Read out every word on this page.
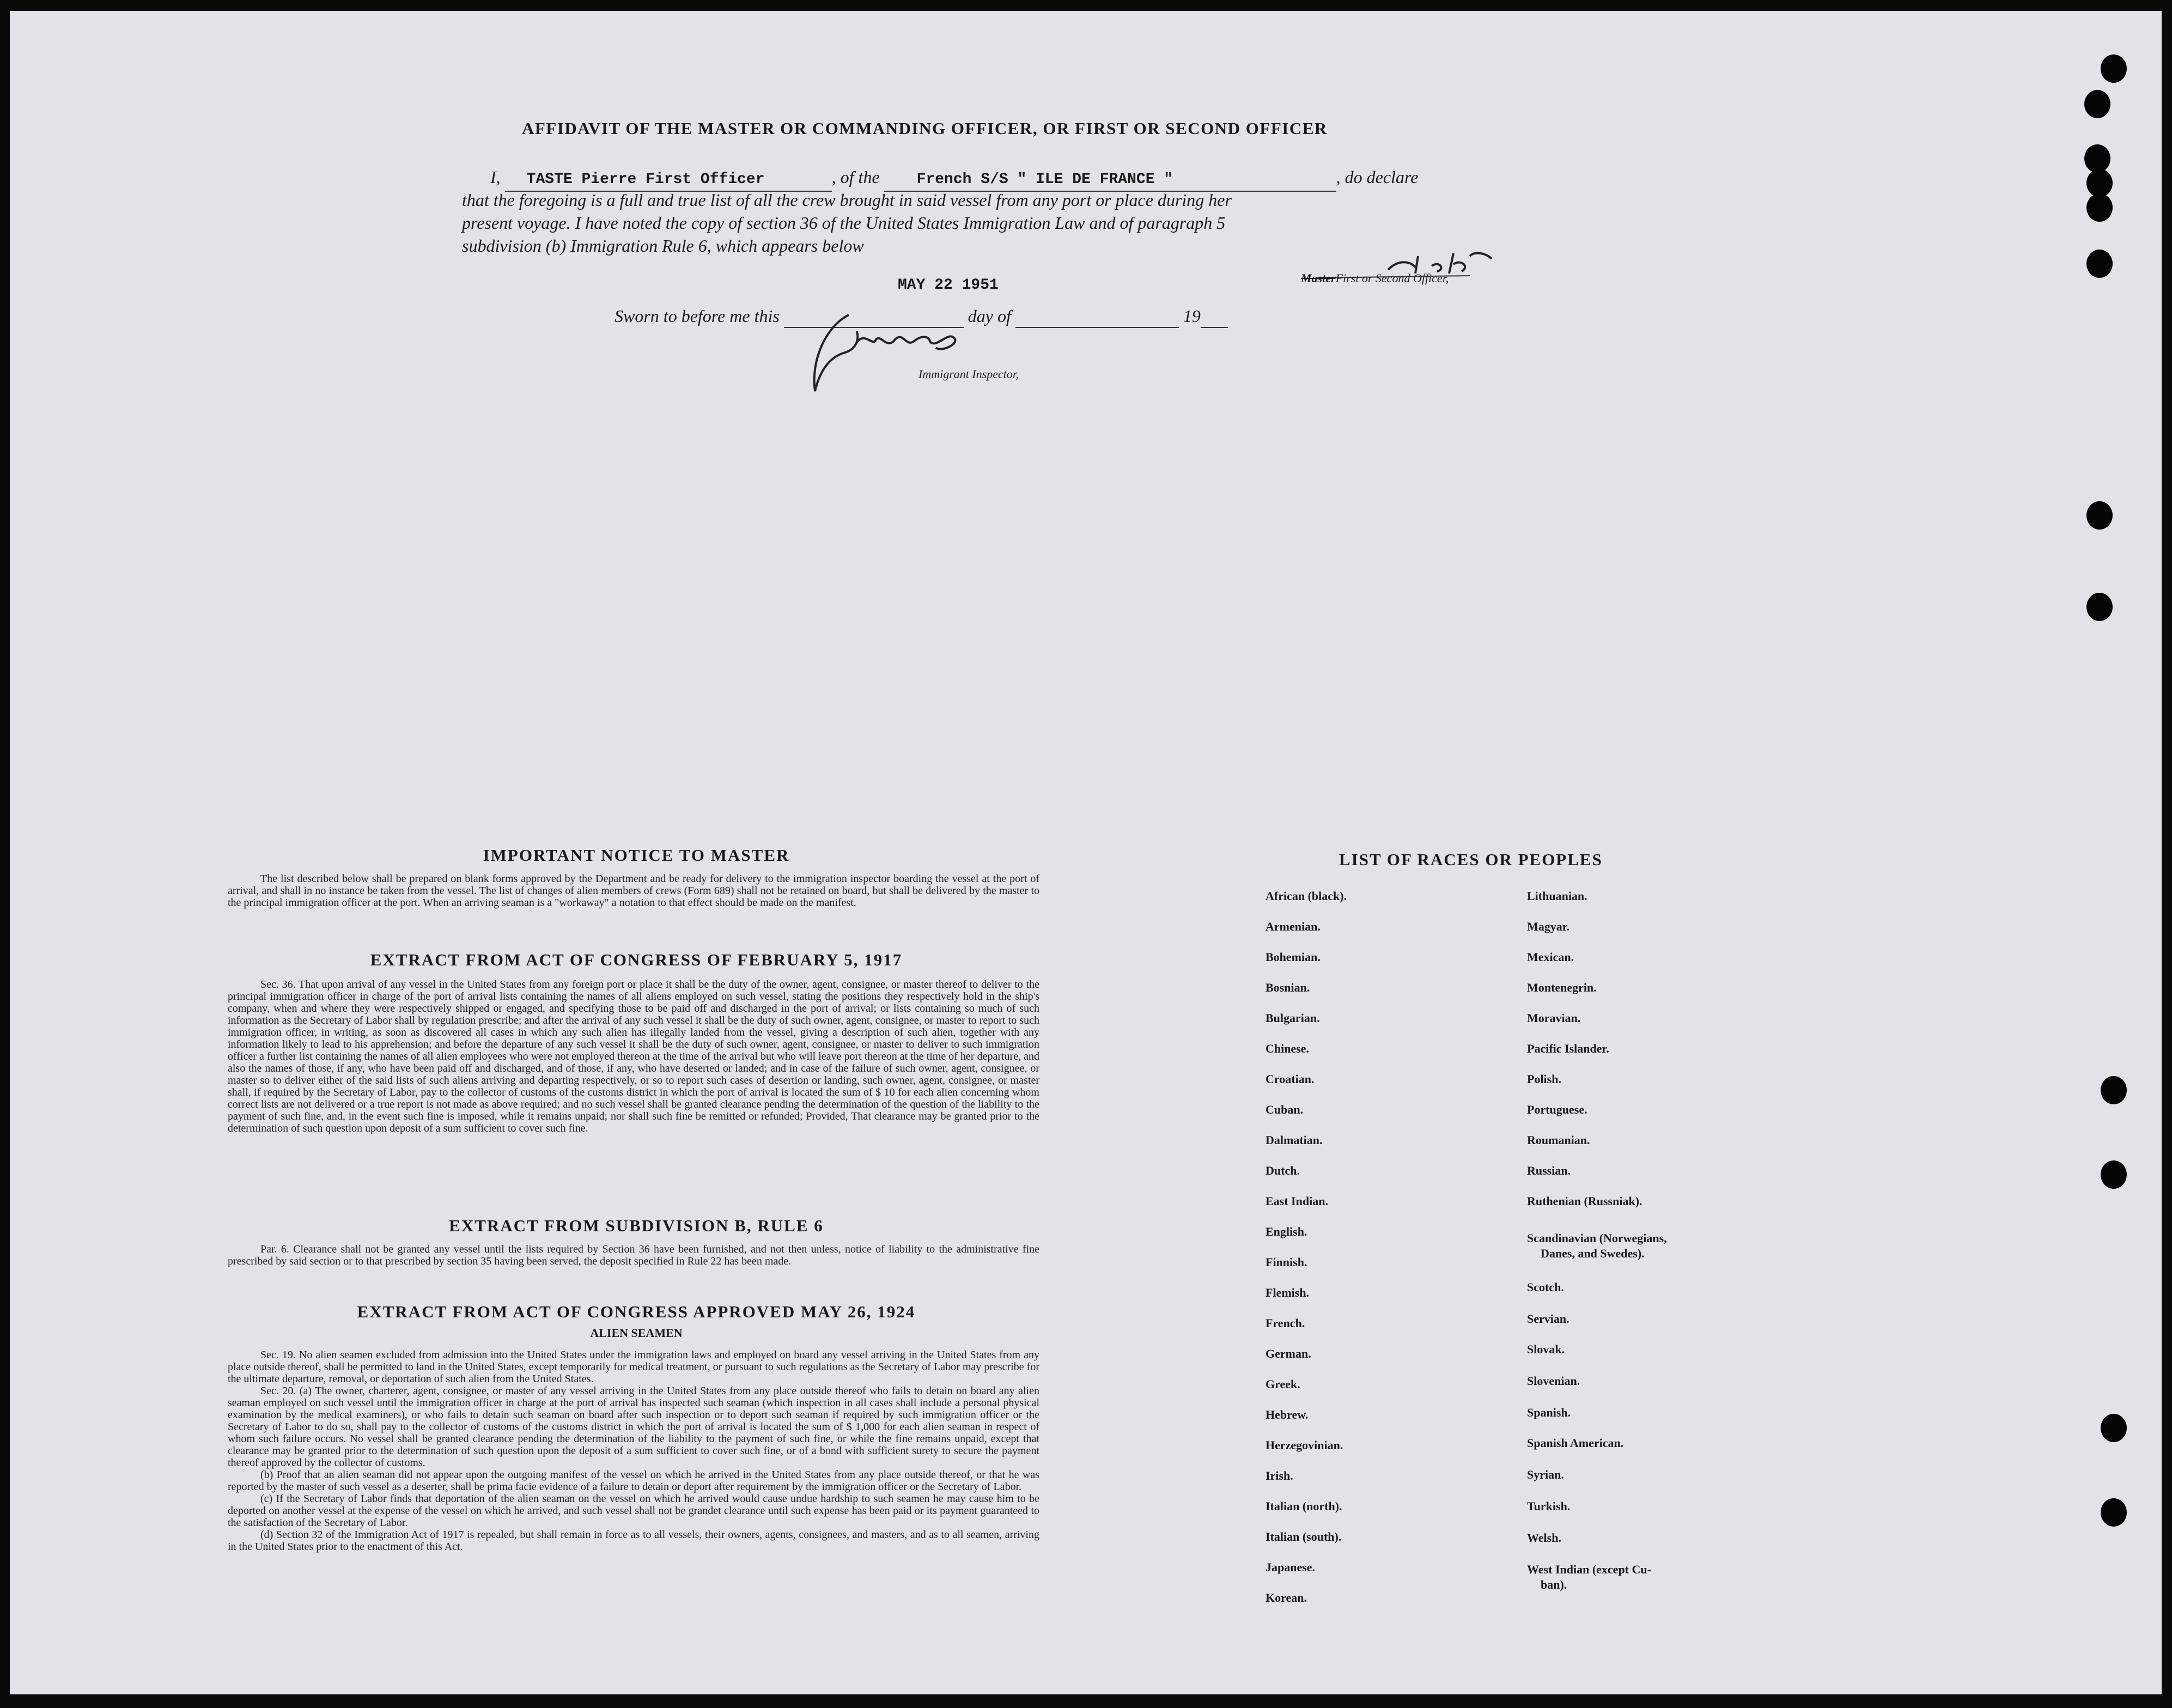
AFFIDAVIT OF THE MASTER OR COMMANDING OFFICER, OR FIRST OR SECOND OFFICER
I, TASTE Pierre First Officer	, of the French S/S " ILE DE FRANCE "	, do declare
that the foregoing is a full and true list of all the crew brought in said vessel from any port or place during her
present voyage. I have noted the copy of section 36 of the United States Immigration Law and of paragraph 5
subdivision (b) Immigration Rule 6, which appears below
MasterFirst or Second Officer,
MAY 22 1951
Sworn to before me this	day of	19
Immigrant Inspector,
IMPORTANT NOTICE TO MASTER

The list described below shall be prepared on blank forms approved by the Department and be ready for delivery to the immigration inspector boarding the vessel at the port of arrival, and shall in no instance be taken from the vessel. The list of changes of alien members of crews (Form 689) shall not be retained on board, but shall be delivered by the master to the principal immigration officer at the port. When an arriving seaman is a "workaway" a notation to that effect should be made on the manifest.

EXTRACT FROM ACT OF CONGRESS OF FEBRUARY 5, 1917

Sec. 36. That upon arrival of any vessel in the United States from any foreign port or place it shall be the duty of the owner, agent, consignee, or master thereof to deliver to the principal immigration officer in charge of the port of arrival lists containing the names of all aliens employed on such vessel, stating the positions they respectively hold in the ship's company, when and where they were respectively shipped or engaged, and specifying those to be paid off and discharged in the port of arrival; or lists containing so much of such information as the Secretary of Labor shall by regulation prescribe; and after the arrival of any such vessel it shall be the duty of such owner, agent, consignee, or master to report to such immigration officer, in writing, as soon as discovered all cases in which any such alien has illegally landed from the vessel, giving a description of such alien, together with any information likely to lead to his apprehension; and before the departure of any such vessel it shall be the duty of such owner, agent, consignee, or master to deliver to such immigration officer a further list containing the names of all alien employees who were not employed thereon at the time of the arrival but who will leave port thereon at the time of her departure, and also the names of those, if any, who have been paid off and discharged, and of those, if any, who have deserted or landed; and in case of the failure of such owner, agent, consignee, or master so to deliver either of the said lists of such aliens arriving and departing respectively, or so to report such cases of desertion or landing, such owner, agent, consignee, or master shall, if required by the Secretary of Labor, pay to the collector of customs of the customs district in which the port of arrival is located the sum of $ 10 for each alien concerning whom correct lists are not delivered or a true report is not made as above required; and no such vessel shall be granted clearance pending the determination of the question of the liability to the payment of such fine, and, in the event such fine is imposed, while it remains unpaid; nor shall such fine be remitted or refunded; Provided, That clearance may be granted prior to the determination of such question upon deposit of a sum sufficient to cover such fine.

EXTRACT FROM SUBDIVISION B, RULE 6

Par. 6. Clearance shall not be granted any vessel until the lists required by Section 36 have been furnished, and not then unless, notice of liability to the administrative fine prescribed by said section or to that prescribed by section 35 having been served, the deposit specified in Rule 22 has been made.

EXTRACT FROM ACT OF CONGRESS APPROVED MAY 26, 1924
ALIEN SEAMEN

Sec. 19. No alien seamen excluded from admission into the United States under the immigration laws and employed on board any vessel arriving in the United States from any place outside thereof, shall be permitted to land in the United States, except temporarily for medical treatment, or pursuant to such regulations as the Secretary of Labor may prescribe for the ultimate departure, removal, or deportation of such alien from the United States.

Sec. 20. (a) The owner, charterer, agent, consignee, or master of any vessel arriving in the United States from any place outside thereof who fails to detain on board any alien seaman employed on such vessel until the immigration officer in charge at the port of arrival has inspected such seaman (which inspection in all cases shall include a personal physical examination by the medical examiners), or who fails to detain such seaman on board after such inspection or to deport such seaman if required by such immigration officer or the Secretary of Labor to do so, shall pay to the collector of customs of the customs district in which the port of arrival is located the sum of $ 1,000 for each alien seaman in respect of whom such failure occurs. No vessel shall be granted clearance pending the determination of the liability to the payment of such fine, or while the fine remains unpaid, except that clearance may be granted prior to the determination of such question upon the deposit of a sum sufficient to cover such fine, or of a bond with sufficient surety to secure the payment thereof approved by the collector of customs.

(b) Proof that an alien seaman did not appear upon the outgoing manifest of the vessel on which he arrived in the United States from any place outside thereof, or that he was reported by the master of such vessel as a deserter, shall be prima facie evidence of a failure to detain or deport after requirement by the immigration officer or the Secretary of Labor.

(c) If the Secretary of Labor finds that deportation of the alien seaman on the vessel on which he arrived would cause undue hardship to such seamen he may cause him to be deported on another vessel at the expense of the vessel on which he arrived, and such vessel shall not be grandet clearance until such expense has been paid or its payment guaranteed to the satisfaction of the Secretary of Labor.

(d) Section 32 of the Immigration Act of 1917 is repealed, but shall remain in force as to all vessels, their owners, agents, consignees, and masters, and as to all seamen, arriving in the United States prior to the enactment of this Act.

LIST OF RACES OR PEOPLES
African (black).
Armenian.
Bohemian.
Bosnian.
Bulgarian.
Chinese.
Croatian.
Cuban.
Dalmatian.
Dutch.
East Indian.
English.
Finnish.
Flemish.
French.
German.
Greek.
Hebrew.
Herzegovinian.
Irish.
Italian (north).
Italian (south).
Japanese.
Korean.
Lithuanian.
Magyar.
Mexican.
Montenegrin.
Moravian.
Pacific Islander.
Polish.
Portuguese.
Roumanian.
Russian.
Ruthenian (Russniak).
Scandinavian (Norwegians,
Danes, and Swedes).
Scotch.
Servian.
Slovak.
Slovenian.
Spanish.
Spanish American.
Syrian.
Turkish.
Welsh.
West Indian (except Cu-
ban).
